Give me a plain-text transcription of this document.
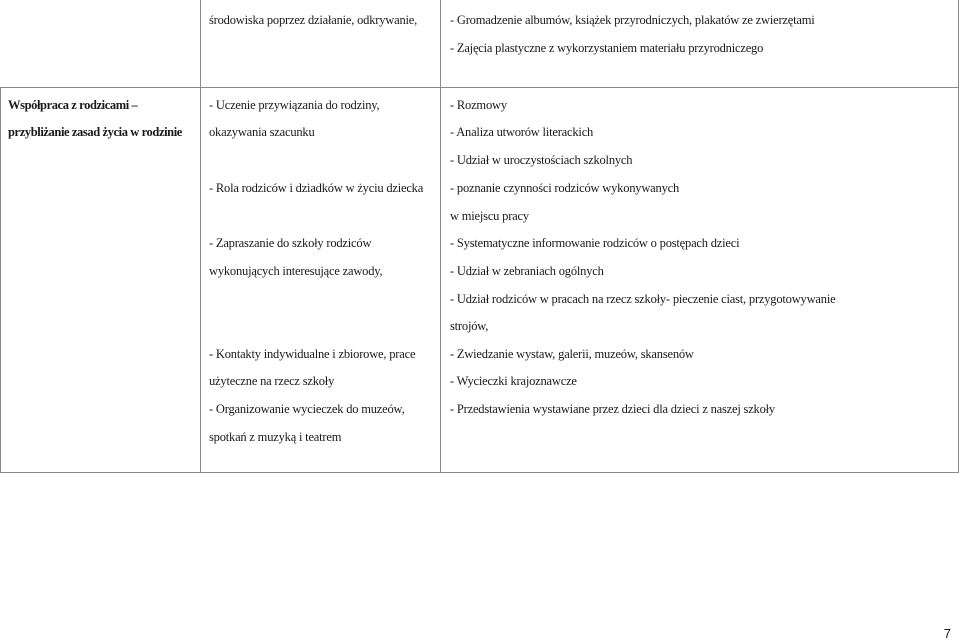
środowiska poprzez działanie, odkrywanie,	- Gromadzenie albumów, książek przyrodniczych, plakatów ze zwierzętami
- Zajęcia plastyczne z wykorzystaniem materiału przyrodniczego
Współpraca z rodzicami –
przybliżanie zasad życia w rodzinie
- Uczenie przywiązania do rodziny,
okazywania szacunku
- Rola rodziców i dziadków w życiu dziecka
- Zapraszanie do szkoły rodziców
wykonujących interesujące zawody,
- Kontakty indywidualne i zbiorowe, prace
użyteczne na rzecz szkoły
- Organizowanie wycieczek do muzeów,
spotkań z muzyką i teatrem
- Rozmowy
- Analiza utworów literackich
- Udział w uroczystościach szkolnych
- poznanie czynności rodziców wykonywanych
w miejscu pracy
- Systematyczne informowanie rodziców o postępach dzieci
- Udział w zebraniach ogólnych
- Udział rodziców w pracach na rzecz szkoły- pieczenie ciast, przygotowywanie
strojów,
- Zwiedzanie wystaw, galerii, muzeów, skansenów
- Wycieczki krajoznawcze
- Przedstawienia wystawiane przez dzieci dla dzieci z naszej szkoły
7
